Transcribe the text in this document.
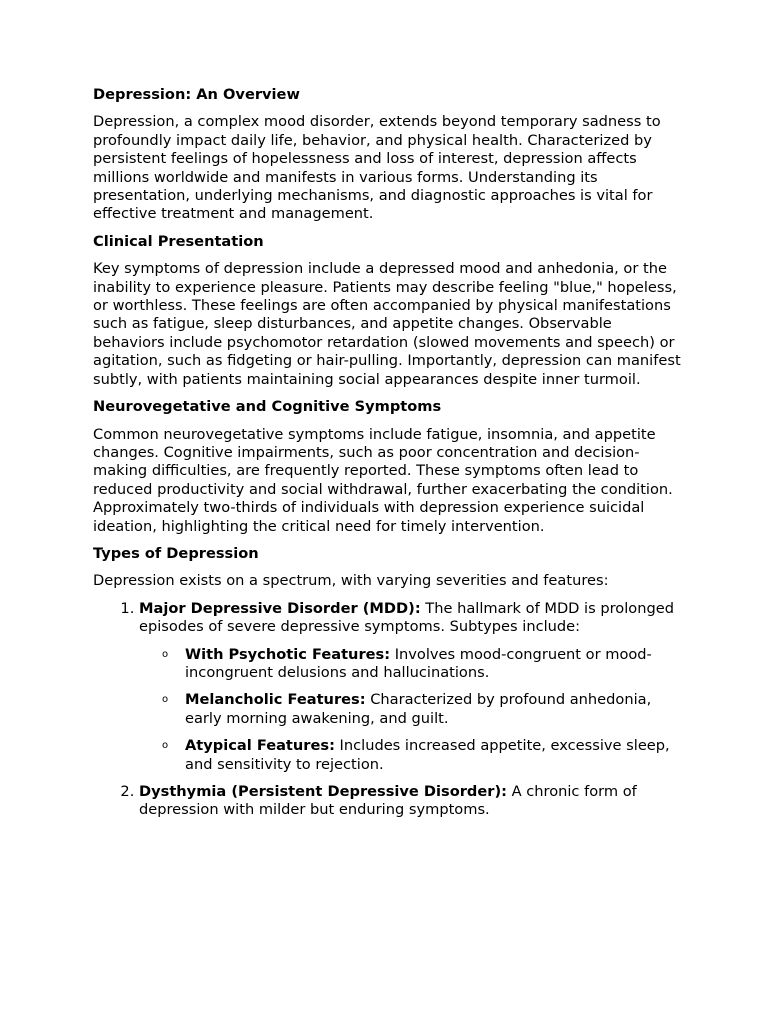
Depression: An Overview

Depression, a complex mood disorder, extends beyond temporary sadness to profoundly impact daily life, behavior, and physical health. Characterized by persistent feelings of hopelessness and loss of interest, depression affects millions worldwide and manifests in various forms. Understanding its presentation, underlying mechanisms, and diagnostic approaches is vital for effective treatment and management.

Clinical Presentation

Key symptoms of depression include a depressed mood and anhedonia, or the inability to experience pleasure. Patients may describe feeling "blue," hopeless, or worthless. These feelings are often accompanied by physical manifestations such as fatigue, sleep disturbances, and appetite changes. Observable behaviors include psychomotor retardation (slowed movements and speech) or agitation, such as fidgeting or hair-pulling. Importantly, depression can manifest subtly, with patients maintaining social appearances despite inner turmoil.

Neurovegetative and Cognitive Symptoms

Common neurovegetative symptoms include fatigue, insomnia, and appetite changes. Cognitive impairments, such as poor concentration and decision-making difficulties, are frequently reported. These symptoms often lead to reduced productivity and social withdrawal, further exacerbating the condition. Approximately two-thirds of individuals with depression experience suicidal ideation, highlighting the critical need for timely intervention.

Types of Depression

Depression exists on a spectrum, with varying severities and features:

1. Major Depressive Disorder (MDD): The hallmark of MDD is prolonged episodes of severe depressive symptoms. Subtypes include:
o With Psychotic Features: Involves mood-congruent or mood-incongruent delusions and hallucinations.
o Melancholic Features: Characterized by profound anhedonia, early morning awakening, and guilt.
o Atypical Features: Includes increased appetite, excessive sleep, and sensitivity to rejection.
2. Dysthymia (Persistent Depressive Disorder): A chronic form of depression with milder but enduring symptoms.
